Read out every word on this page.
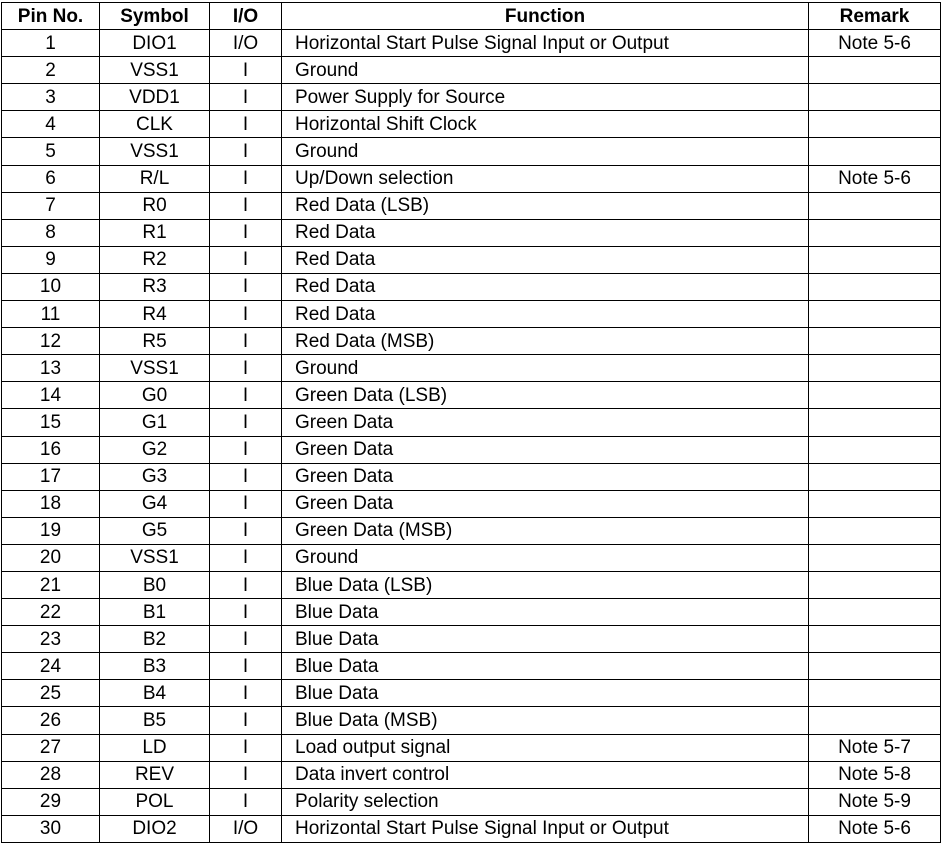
Pin No.	Symbol	I/O	Function	Remark
1	DIO1	I/O	Horizontal Start Pulse Signal Input or Output	Note 5-6
2	VSS1	I	Ground	
3	VDD1	I	Power Supply for Source	
4	CLK	I	Horizontal Shift Clock	
5	VSS1	I	Ground	
6	R/L	I	Up/Down selection	Note 5-6
7	R0	I	Red Data (LSB)	
8	R1	I	Red Data	
9	R2	I	Red Data	
10	R3	I	Red Data	
11	R4	I	Red Data	
12	R5	I	Red Data (MSB)	
13	VSS1	I	Ground	
14	G0	I	Green Data (LSB)	
15	G1	I	Green Data	
16	G2	I	Green Data	
17	G3	I	Green Data	
18	G4	I	Green Data	
19	G5	I	Green Data (MSB)	
20	VSS1	I	Ground	
21	B0	I	Blue Data (LSB)	
22	B1	I	Blue Data	
23	B2	I	Blue Data	
24	B3	I	Blue Data	
25	B4	I	Blue Data	
26	B5	I	Blue Data (MSB)	
27	LD	I	Load output signal	Note 5-7
28	REV	I	Data invert control	Note 5-8
29	POL	I	Polarity selection	Note 5-9
30	DIO2	I/O	Horizontal Start Pulse Signal Input or Output	Note 5-6
